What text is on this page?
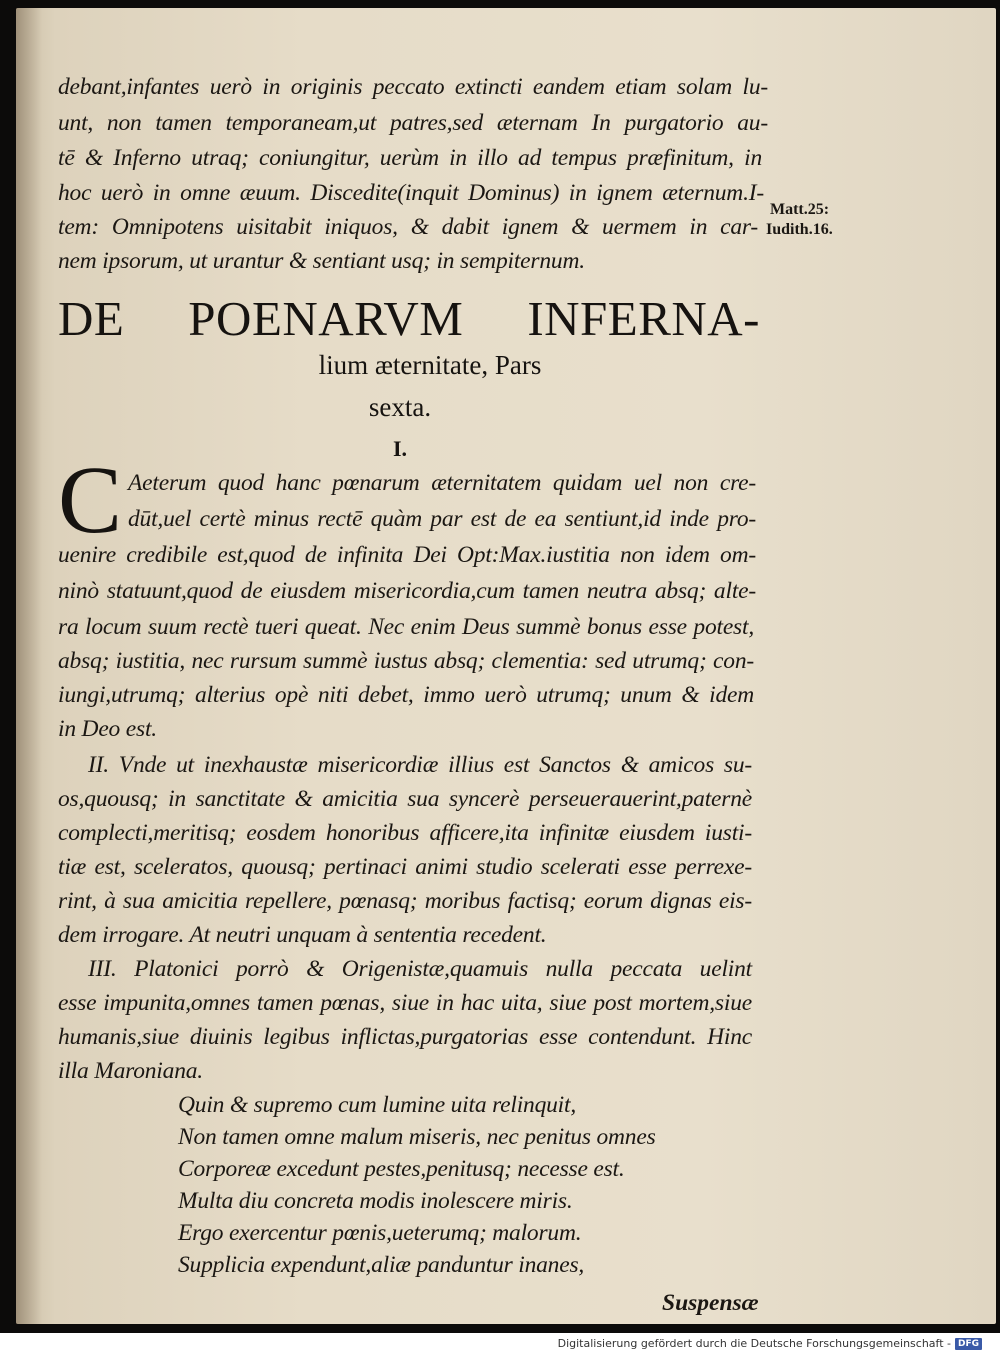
debant,infantes uerò in originis peccato extincti eandem etiam solam lu-
unt, non tamen temporaneam,ut patres,sed æternam In purgatorio au-
tē & Inferno utraq; coniungitur, uerùm in illo ad tempus præfinitum, in
hoc uerò in omne æuum. Discedite(inquit Dominus) in ignem æternum.I-
tem: Omnipotens uisitabit iniquos, & dabit ignem & uermem in car-
nem ipsorum, ut urantur & sentiant usq; in sempiternum.
Matt.25:
Iudith.16.
DE POENARVM INFERNA-
lium æternitate, Pars
sexta.
I.
C Aeterum quod hanc pœnarum æternitatem quidam uel non cre-
dūt,uel certè minus rectē quàm par est de ea sentiunt,id inde pro-
uenire credibile est,quod de infinita Dei Opt:Max.iustitia non idem om-
ninò statuunt,quod de eiusdem misericordia,cum tamen neutra absq; alte-
ra locum suum rectè tueri queat. Nec enim Deus summè bonus esse potest,
absq; iustitia, nec rursum summè iustus absq; clementia: sed utrumq; con-
iungi,utrumq; alterius opè niti debet, immo uerò utrumq; unum & idem
in Deo est.
II. Vnde ut inexhaustæ misericordiæ illius est Sanctos & amicos su-
os,quousq; in sanctitate & amicitia sua syncerè perseuerauerint,paternè
complecti,meritisq; eosdem honoribus afficere,ita infinitæ eiusdem iusti-
tiæ est, sceleratos, quousq; pertinaci animi studio scelerati esse perrexe-
rint, à sua amicitia repellere, pœnasq; moribus factisq; eorum dignas eis-
dem irrogare. At neutri unquam à sententia recedent.
III. Platonici porrò & Origenistæ,quamuis nulla peccata uelint
esse impunita,omnes tamen pœnas, siue in hac uita, siue post mortem,siue
humanis,siue diuinis legibus inflictas,purgatorias esse contendunt. Hinc
illa Maroniana.
Quin & supremo cum lumine uita relinquit,
Non tamen omne malum miseris, nec penitus omnes
Corporeæ excedunt pestes,penitusq; necesse est.
Multa diu concreta modis inolescere miris.
Ergo exercentur pœnis,ueterumq; malorum.
Supplicia expendunt,aliæ panduntur inanes,
Suspensæ
Digitalisierung gefördert durch die Deutsche Forschungsgemeinschaft - DFG
